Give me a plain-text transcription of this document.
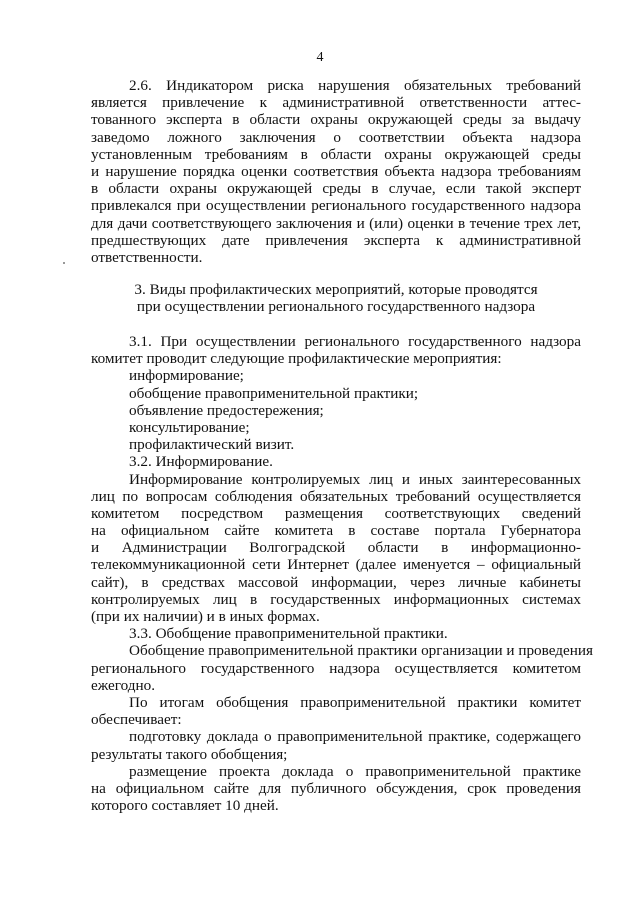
4
2.6. Индикатором риска нарушения обязательных требований
является привлечение к административной ответственности аттес-
тованного эксперта в области охраны окружающей среды за выдачу
заведомо ложного заключения о соответствии объекта надзора
установленным требованиям в области охраны окружающей среды
и нарушение порядка оценки соответствия объекта надзора требованиям
в области охраны окружающей среды в случае, если такой эксперт
привлекался при осуществлении регионального государственного надзора
для дачи соответствующего заключения и (или) оценки в течение трех лет,
предшествующих дате привлечения эксперта к административной
ответственности.
3. Виды профилактических мероприятий, которые проводятся
при осуществлении регионального государственного надзора
3.1. При осуществлении регионального государственного надзора
комитет проводит следующие профилактические мероприятия:
информирование;
обобщение правоприменительной практики;
объявление предостережения;
консультирование;
профилактический визит.
3.2. Информирование.
Информирование контролируемых лиц и иных заинтересованных
лиц по вопросам соблюдения обязательных требований осуществляется
комитетом посредством размещения соответствующих сведений
на официальном сайте комитета в составе портала Губернатора
и Администрации Волгоградской области в информационно-
телекоммуникационной сети Интернет (далее именуется – официальный
сайт), в средствах массовой информации, через личные кабинеты
контролируемых лиц в государственных информационных системах
(при их наличии) и в иных формах.
3.3. Обобщение правоприменительной практики.
Обобщение правоприменительной практики организации и проведения
регионального государственного надзора осуществляется комитетом
ежегодно.
По итогам обобщения правоприменительной практики комитет
обеспечивает:
подготовку доклада о правоприменительной практике, содержащего
результаты такого обобщения;
размещение проекта доклада о правоприменительной практике
на официальном сайте для публичного обсуждения, срок проведения
которого составляет 10 дней.
